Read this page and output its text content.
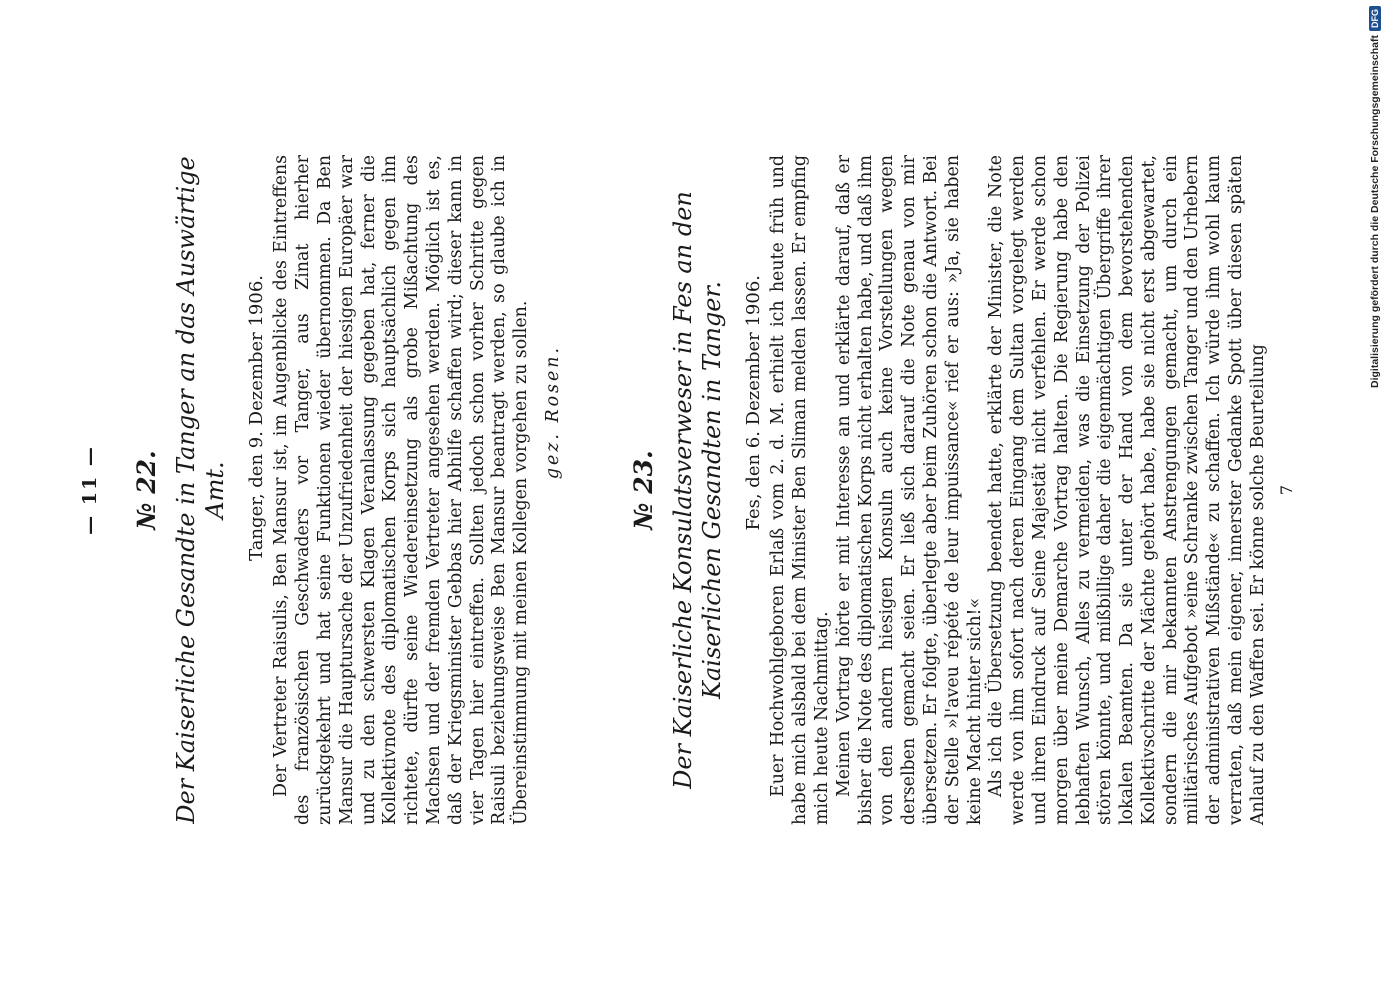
— 11 — № 22. Der Kaiserliche Gesandte in Tanger an das Auswärtige Amt. Tanger, den 9. Dezember 1906. Der Vertreter Raisulis, Ben Mansur ist, im Augenblicke des Eintreffens des französischen Geschwaders vor Tanger, aus Zinat hierher zurückgekehrt und hat seine Funktionen wieder übernommen. Da Ben Mansur die Hauptursache der Unzufriedenheit der hiesigen Europäer war und zu den schwersten Klagen Veranlassung gegeben hat, ferner die Kollektivnote des diplomatischen Korps sich hauptsächlich gegen ihn richtete, dürfte seine Wiedereinsetzung als grobe Mißachtung des Machsen und der fremden Vertreter angesehen werden. Möglich ist es, daß der Kriegsminister Gebbas hier Abhilfe schaffen wird; dieser kann in vier Tagen hier eintreffen. Sollten jedoch schon vorher Schritte gegen Raisuli beziehungsweise Ben Mansur beantragt werden, so glaube ich in Übereinstimmung mit meinen Kollegen vorgehen zu sollen. gez. Rosen.
№ 23. Der Kaiserliche Konsulatsverweser in Fes an den Kaiserlichen Gesandten in Tanger. Fes, den 6. Dezember 1906. Euer Hochwohlgeboren Erlaß vom 2. d. M. erhielt ich heute früh und habe mich alsbald bei dem Minister Ben Sliman melden lassen. Er empfing mich heute Nachmittag. Meinen Vortrag hörte er mit Interesse an und erklärte darauf, daß er bisher die Note des diplomatischen Korps nicht erhalten habe, und daß ihm von den andern hiesigen Konsuln auch keine Vorstellungen wegen derselben gemacht seien. Er ließ sich darauf die Note genau von mir übersetzen. Er folgte, überlegte aber beim Zuhören schon die Antwort. Bei der Stelle »l'aveu répété de leur impuissance« rief er aus: »Ja, sie haben keine Macht hinter sich!« Als ich die Übersetzung beendet hatte, erklärte der Minister, die Note werde von ihm sofort nach deren Eingang dem Sultan vorgelegt werden und ihren Eindruck auf Seine Majestät nicht verfehlen. Er werde schon morgen über meine Demarche Vortrag halten. Die Regierung habe den lebhaften Wunsch, Alles zu vermeiden, was die Einsetzung der Polizei stören könnte, und mißbillige daher die eigenmächtigen Übergriffe ihrer lokalen Beamten. Da sie unter der Hand von dem bevorstehenden Kollektivschritte der Mächte gehört habe, habe sie nicht erst abgewartet, sondern die mir bekannten Anstrengungen gemacht, um durch ein militärisches Aufgebot »eine Schranke zwischen Tanger und den Urhebern der administrativen Mißstände« zu schaffen. Ich würde ihm wohl kaum verraten, daß mein eigener, innerster Gedanke Spott über diesen späten Anlauf zu den Waffen sei. Er könne solche Beurteilung 7
Digitalisierung gefördert durch die Deutsche Forschungsgemeinschaft
DFG
